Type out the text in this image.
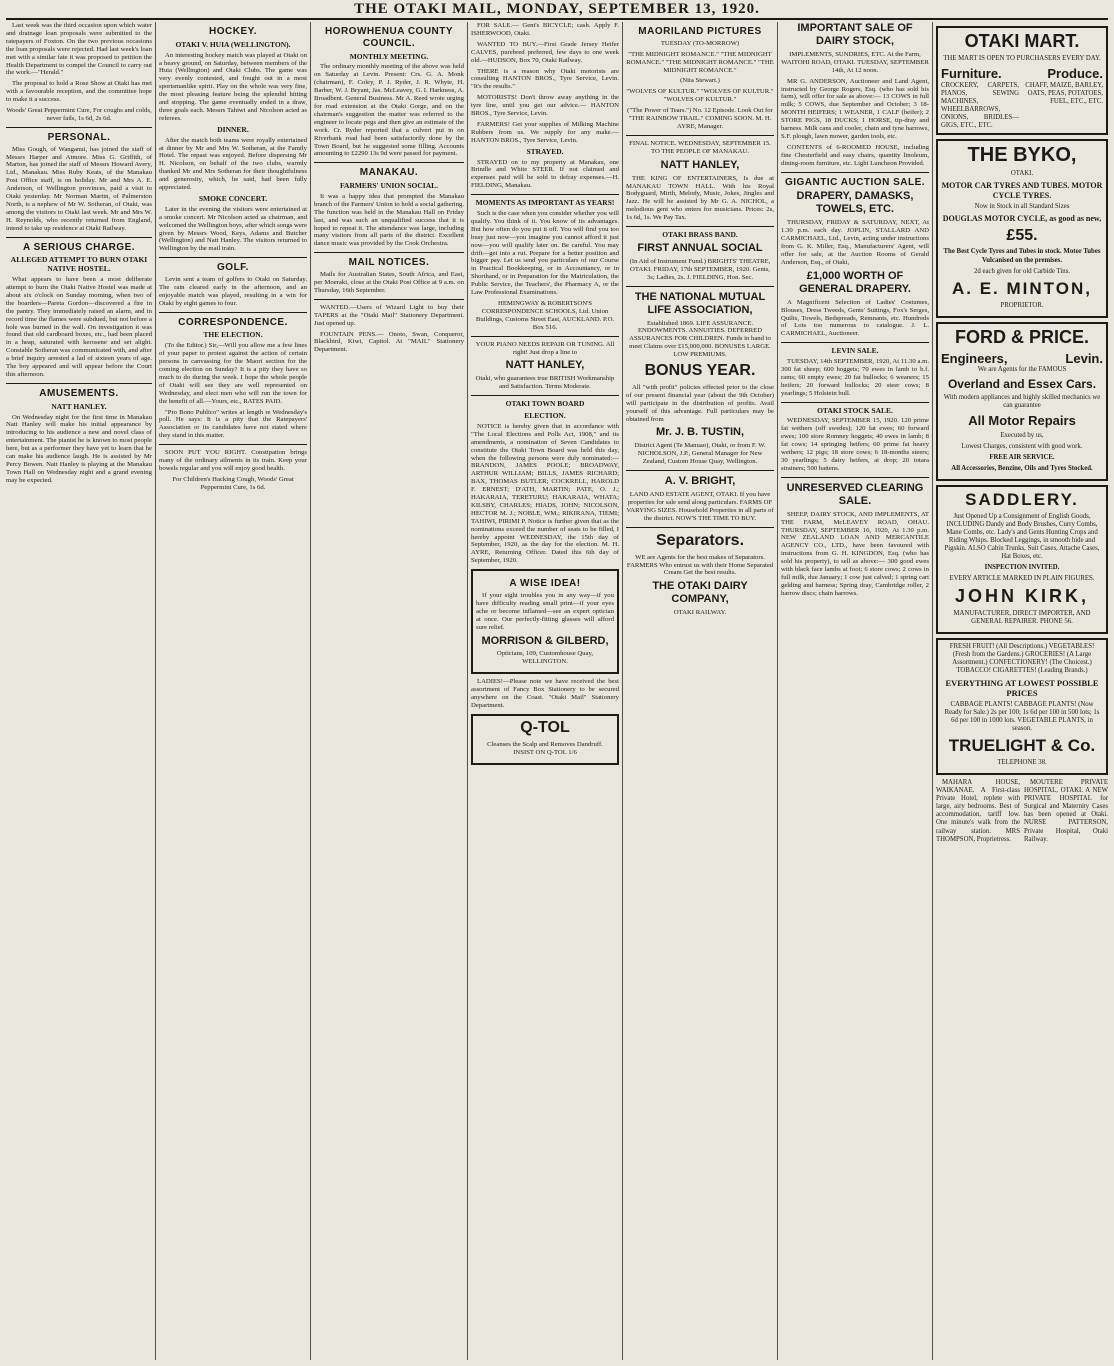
THE OTAKI MAIL, MONDAY, SEPTEMBER 13, 1920.

Last week was the third occasion upon which water and drainage loan proposals were submitted to the ratepayers of Foxton. On the two previous occasions the loan proposals were rejected. Had last week's loan met with a similar fate it was proposed to petition the Health Department to compel the Council to carry out the work.—"Herald."

The proposal to hold a Rose Show at Otaki has met with a favourable reception, and the committee hope to make it a success.

Woods' Great Peppermint Cure, For coughs and colds, never fails, 1s 6d, 2s 6d.

PERSONAL.

Miss Gough, of Wanganui, has joined the staff of Messrs Harper and Atmore. Miss G. Griffith, of Marton, has joined the staff of Messrs Howard Avery, Ltd., Manakau. Miss Ruby Keats, of the Manakau Post Office staff, is on holiday. Mr and Mrs A. E. Anderson, of Wellington provinces, paid a visit to Otaki yesterday. Mr Norman Martin, of Palmerston North, is a nephew of Mr W. Sotheran, of Otaki, was among the visitors to Otaki last week. Mr and Mrs W. H. Reynolds, who recently returned from England, intend to take up residence at Otaki Railway.

A SERIOUS CHARGE.
ALLEGED ATTEMPT TO BURN OTAKI NATIVE HOSTEL.

What appears to have been a most deliberate attempt to burn the Otaki Native Hostel was made at about six o'clock on Sunday morning, when two of the boarders—Pareta Gordon—discovered a fire in the pantry. They immediately raised an alarm, and in record time the flames were subdued, but not before a hole was burned in the wall. On investigation it was found that old cardboard boxes, etc., had been placed in a heap, saturated with kerosene and set alight. Constable Sotheran was communicated with, and after a brief inquiry arrested a lad of sixteen years of age. The boy appeared and will appear before the Court this afternoon.

AMUSEMENTS.
NATT HANLEY.

On Wednesday night for the first time in Manakau Natt Hanley will make his initial appearance by introducing to his audience a new and novel class of entertainment. The pianist he is known to most people here, but as a performer they have yet to learn that he can make his audience laugh. He is assisted by Mr Percy Bowen. Natt Hanley is playing at the Manakau Town Hall on Wednesday night and a grand evening may be expected.

HOCKEY.
OTAKI V. HUIA (WELLINGTON).

An interesting hockey match was played at Otaki on a heavy ground, on Saturday, between members of the Huia (Wellington) and Otaki Clubs. The game was very evenly contested, and fought out in a most sportsmanlike spirit. Play on the whole was very fine, the most pleasing feature being the splendid hitting and stopping. The game eventually ended in a draw, three goals each. Messrs Tahiwi and Nicolson acted as referees.

DINNER.

After the match both teams were royally entertained at dinner by Mr and Mrs W. Sotheran, at the Family Hotel. The repast was enjoyed. Before dispersing Mr H. Nicolson, on behalf of the two clubs, warmly thanked Mr and Mrs Sotheran for their thoughtfulness and generosity, which, he said, had been fully appreciated.

SMOKE CONCERT.

Later in the evening the visitors were entertained at a smoke concert. Mr Nicolson acted as chairman, and welcomed the Wellington boys, after which songs were given by Messrs Wood, Keys, Adams and Butcher (Wellington) and Natt Hanley. The visitors returned to Wellington by the mail train.

GOLF.

Levin sent a team of golfers to Otaki on Saturday. The rain cleared early in the afternoon, and an enjoyable match was played, resulting in a win for Otaki by eight games to four.

CORRESPONDENCE.
THE ELECTION.

(To the Editor.) Sir,—Will you allow me a few lines of your paper to protest against the action of certain persons in canvassing for the Maori section for the coming election on Sunday? It is a pity they have so much to do during the week. I hope the whole people of Otaki will see they are well represented on Wednesday, and elect men who will run the town for the benefit of all.—Yours, etc., RATES PAID.

"Pro Bono Publico" writes at length re Wednesday's poll. He says: It is a pity that the Ratepayers' Association or its candidates have not stated where they stand in this matter.

SOON PUT YOU RIGHT. Constipation brings many of the ordinary ailments in its train. Keep your bowels regular and you will enjoy good health.

For Children's Hacking Cough, Woods' Great Peppermint Cure, 1s 6d.

HOROWHENUA COUNTY COUNCIL.
MONTHLY MEETING.

The ordinary monthly meeting of the above was held on Saturday at Levin. Present: Crs. G. A. Monk (chairman), F. Coley, P. J. Ryder, J. R. Whyte, H. Barber, W. J. Bryant, Jas. McLeavey, G. I. Harkness, A. Broadbent. General Business. Mr A. Reed wrote urging for road extension at the Otaki Gorge, and on the chairman's suggestion the matter was referred to the engineer to locate pegs and then give an estimate of the work. Cr. Ryder reported that a culvert put in on Riverbank road had been satisfactorily done by the Town Board, but he suggested some filling. Accounts amounting to £2290 13s 9d were passed for payment.

MANAKAU.
FARMERS' UNION SOCIAL.

It was a happy idea that prompted the Manakau branch of the Farmers' Union to hold a social gathering. The function was held in the Manakau Hall on Friday last, and was such an unqualified success that it is hoped to repeat it. The attendance was large, including many visitors from all parts of the district. Excellent dance music was provided by the Cook Orchestra.

MAIL NOTICES.

Mails for Australian States, South Africa, and East, per Moeraki, close at the Otaki Post Office at 9 a.m. on Thursday, 16th September.

WANTED.—Users of Wizard Light to buy their TAPERS at the "Otaki Mail" Stationery Department. Just opened up.

FOUNTAIN PENS.— Onoto, Swan, Conqueror, Blackbird, Kiwi, Capitol. At "MAIL" Stationery Department.

FOR SALE.— Gent's BICYCLE; cash. Apply F. ISHERWOOD, Otaki.

WANTED TO BUY.—First Grade Jersey Heifer CALVES, purebred preferred, few days to one week old.—HUDSON, Box 70, Otaki Railway.

THERE is a reason why Otaki motorists are consulting HANTON BROS., Tyre Service, Levin. "It's the results."

MOTORISTS! Don't throw away anything in the tyre line, until you get our advice.— HANTON BROS., Tyre Service, Levin.

FARMERS! Get your supplies of Milking Machine Rubbers from us. We supply for any make.—HANTON BROS., Tyre Service, Levin.

STRAYED.

STRAYED on to my property at Manakau, one Brindle and White STEER. If not claimed and expenses paid will be sold to defray expenses.—H. FIELDING, Manakau.

MOMENTS AS IMPORTANT AS YEARS!

Such is the case when you consider whether you will qualify. You think of it. You know of its advantages. But how often do you put it off. You will find you too busy just now—you imagine you cannot afford it just now—you will qualify later on. Be careful. You may drift—get into a rut. Prepare for a better position and bigger pay. Let us send you particulars of our Course in Practical Bookkeeping, or in Accountancy, or in Shorthand, or in Preparation for the Matriculation, the Public Service, the Teachers', the Pharmacy A, or the Law Professional Examinations.

HEMINGWAY & ROBERTSON'S CORRESPONDENCE SCHOOLS, Ltd. Union Buildings, Customs Street East, AUCKLAND. P.O. Box 516.

YOUR PIANO NEEDS REPAIR OR TUNING. All right! Just drop a line to

NATT HANLEY,

Otaki, who guarantees true BRITISH Workmanship and Satisfaction. Terms Moderate.

OTAKI TOWN BOARD
ELECTION.

NOTICE is hereby given that in accordance with "The Local Elections and Polls Act, 1908," and its amendments, a nomination of Seven Candidates to constitute the Otaki Town Board was held this day, when the following persons were duly nominated:— BRANDON, JAMES POOLE; BROADWAY, ARTHUR WILLIAM; BILLS, JAMES RICHARD; BAX, THOMAS BUTLER; COCKRELL, HAROLD F. ERNEST; D'ATH, MARTIN; PATE, O. J.; HAKARAIA, TERETURU; HAKARAIA, WHATA; KILSBY, CHARLES; HIADS, JOHN; NICOLSON, HECTOR M. J.; NOBLE, WM.; RIKIRANA, TIEMI; TAHIWI, PIRIMI P. Notice is further given that as the nominations exceed the number of seats to be filled, I hereby appoint WEDNESDAY, the 15th day of September, 1920, as the day for the election. M. H. AYRE, Returning Officer. Dated this 6th day of September, 1920.

A WISE IDEA!

If your sight troubles you in any way—if you have difficulty reading small print—if your eyes ache or become inflamed—see an expert optician at once. Our perfectly-fitting glasses will afford sure relief.

MORRISON & GILBERD,

Opticians, 109, Customhouse Quay, WELLINGTON.

LADIES!—Please note we have received the best assortment of Fancy Box Stationery to be secured anywhere on the Coast. "Otaki Mail" Stationery Department.

Q-TOL

Cleanses the Scalp and Removes Dandruff. INSIST ON Q-TOL 1/6

MAORILAND PICTURES

TUESDAY (TO-MORROW)

"THE MIDNIGHT ROMANCE." "THE MIDNIGHT ROMANCE." "THE MIDNIGHT ROMANCE." "THE MIDNIGHT ROMANCE."

(Nita Stewart.)

"WOLVES OF KULTUR." "WOLVES OF KULTUR." "WOLVES OF KULTUR."

("The Power of Tears.") No. 12 Episode. Look Out for "THE RAINBOW TRAIL." COMING SOON. M. H. AYRE, Manager.

FINAL NOTICE. WEDNESDAY, SEPTEMBER 15. TO THE PEOPLE OF MANAKAU.

NATT HANLEY,

THE KING OF ENTERTAINERS, Is due at MANAKAU TOWN HALL. With his Royal Bodyguard, Mirth, Melody, Music, Jokes, Jingles and Jazz. He will be assisted by Mr G. A. NICHOL, a melodious gent who enters for musicians. Prices: 2s, 1s 6d, 1s. We Pay Tax.

OTAKI BRASS BAND.

FIRST ANNUAL SOCIAL

(In Aid of Instrument Fund.) BRIGHTS' THEATRE, OTAKI. FRIDAY, 17th SEPTEMBER, 1920. Gents, 3s; Ladies, 2s. J. FIELDING, Hon. Sec.

THE NATIONAL MUTUAL LIFE ASSOCIATION,

Established 1869. LIFE ASSURANCE. ENDOWMENTS. ANNUITIES. DEFERRED ASSURANCES FOR CHILDREN. Funds in hand to meet Claims over £15,000,000. BONUSES LARGE. LOW PREMIUMS.

BONUS YEAR.

All "with profit" policies effected prior to the close of our present financial year (about the 9th October) will participate in the distribution of profits. Avail yourself of this advantage. Full particulars may be obtained from

Mr. J. B. TUSTIN,

District Agent (Te Manuao), Otaki, or from F. W. NICHOLSON, J.P., General Manager for New Zealand, Custom House Quay, Wellington.

A. V. BRIGHT,

LAND AND ESTATE AGENT, OTAKI. If you have properties for sale send along particulars. FARMS OF VARYING SIZES. Household Properties in all parts of the district. NOW'S THE TIME TO BUY.

Separators.

WE are Agents for the best makes of Separators. FARMERS Who entrust us with their Home Separated Cream Get the best results.

THE OTAKI DAIRY COMPANY,

OTAKI RAILWAY.

IMPORTANT SALE OF DAIRY STOCK,

IMPLEMENTS, SUNDRIES, ETC. At the Farm, WAITOHI ROAD, OTAKI. TUESDAY, SEPTEMBER 14th, At 12 noon.

MR G. ANDERSON, Auctioneer and Land Agent, instructed by George Rogers, Esq. (who has sold his farm), will offer for sale as above:— 13 COWS in full milk; 5 COWS, due September and October; 3 18-MONTH HEIFERS; 1 WEANER, 1 CALF (heifer); 2 STORE PIGS, 18 DUCKS; 1 HORSE, tip-dray and harness. Milk cans and cooler, chain and tyne harrows, S.F. plough, lawn mower, garden tools, etc.

CONTENTS of 6-ROOMED HOUSE, including fine Chesterfield and easy chairs, quantity linoleum, dining-room furniture, etc. Light Luncheon Provided.

GIGANTIC AUCTION SALE.

DRAPERY, DAMASKS, TOWELS, ETC.

THURSDAY, FRIDAY & SATURDAY, NEXT, At 1.30 p.m. each day. JOPLIN, STALLARD AND CARMICHAEL, Ltd., Levin, acting under instructions from G. K. Miller, Esq., Manufacturers' Agent, will offer for sale, at the Auction Rooms of Gerald Anderson, Esq., of Otaki,

£1,000 WORTH OF GENERAL DRAPERY.

A Magnificent Selection of Ladies' Costumes, Blouses, Dress Tweeds, Gents' Suitings, Fox's Serges, Quilts, Towels, Bedspreads, Remnants, etc. Hundreds of Lots too numerous to catalogue. J. L. CARMICHAEL, Auctioneer.

LEVIN SALE.

TUESDAY, 14th SEPTEMBER, 1920, At 11.30 a.m. 300 fat sheep; 600 hoggets; 70 ewes in lamb to b.f. rams; 60 empty ewes; 20 fat bullocks; 6 weaners; 15 heifers; 20 forward bullocks; 20 steer cows; 8 yearlings; 5 Holstein bull.

OTAKI STOCK SALE.

WEDNESDAY, SEPTEMBER 15, 1920. 120 prime fat wethers (off swedes); 120 fat ewes; 60 forward ewes; 100 store Romney hoggets; 40 ewes in lamb; 8 fat cows; 14 springing heifers; 60 prime fat heavy wethers; 12 pigs; 18 store cows; 6 18-months steers; 30 yearlings; 5 dairy heifers, at drop; 20 totara strainers; 500 battens.

UNRESERVED CLEARING SALE.

SHEEP, DAIRY STOCK, AND IMPLEMENTS, AT THE FARM, McLEAVEY ROAD, OHAU. THURSDAY, SEPTEMBER 16, 1920, At 1.30 p.m. NEW ZEALAND LOAN AND MERCANTILE AGENCY CO., LTD., have been favoured with instructions from G. H. KINGDON, Esq. (who has sold his property), to sell as above:— 300 good ewes with black face lambs at foot; 6 store cows; 2 cows in full milk, due January; 1 cow just calved; 1 spring cart gelding and harness; Spring dray, Cambridge roller, 2 harrow discs; chain harrows.

OTAKI MART.

THE MART IS OPEN TO PURCHASERS EVERY DAY.

Furniture.	Produce.
CROCKERY, CARPETS, PIANOS, SEWING MACHINES, WHEELBARROWS, ONIONS, BRIDLES—GIGS, ETC., ETC.
CHAFF, MAIZE, BARLEY, OATS, PEAS, POTATOES, FUEL, ETC., ETC.

THE BYKO,

OTAKI.

MOTOR CAR TYRES AND TUBES. MOTOR CYCLE TYRES.

Now in Stock in all Standard Sizes

DOUGLAS MOTOR CYCLE, as good as new,

£55.

The Best Cycle Tyres and Tubes in stock. Motor Tubes Vulcanised on the premises.

2d each given for old Carbide Tins.

A. E. MINTON,

PROPRIETOR.

FORD & PRICE.

Engineers,	Levin.

We are Agents for the FAMOUS

Overland and Essex Cars.

With modern appliances and highly skilled mechanics we can guarantee

All Motor Repairs

Executed by us,

Lowest Charges, consistent with good work.

FREE AIR SERVICE.

All Accessories, Benzine, Oils and Tyres Stocked.

SADDLERY.

Just Opened Up a Consignment of English Goods, INCLUDING Dandy and Body Brushes, Curry Combs, Mane Combs, etc. Lady's and Gents Hunting Crops and Riding Whips. Blocked Leggings, in smooth hide and Pigskin. ALSO Cabin Trunks, Suit Cases, Attache Cases, Hat Boxes, etc.

INSPECTION INVITED.

EVERY ARTICLE MARKED IN PLAIN FIGURES.

JOHN KIRK,

MANUFACTURER, DIRECT IMPORTER, AND GENERAL REPAIRER. PHONE 56.

FRESH FRUIT! (All Descriptions.) VEGETABLES! (Fresh from the Gardens.) GROCERIES! (A Large Assortment.) CONFECTIONERY! (The Choicest.) TOBACCO! CIGARETTES! (Leading Brands.)

EVERYTHING AT LOWEST POSSIBLE PRICES

CABBAGE PLANTS! CABBAGE PLANTS! (Now Ready for Sale.) 2s per 100; 1s 6d per 100 in 500 lots; 1s 6d per 100 in 1000 lots. VEGETABLE PLANTS, in season.

TRUELIGHT & Co.

TELEPHONE 38.

MAHARA HOUSE, WAIKANAE. A First-class Private Hotel, replete with large, airy bedrooms. Best of accommodation, tariff low. One minute's walk from the railway station. MRS THOMPSON, Proprietress.

MOUTERE PRIVATE HOSPITAL, OTAKI. A NEW PRIVATE HOSPITAL for Surgical and Maternity Cases has been opened at Otaki. NURSE PATTERSON, Private Hospital, Otaki Railway.
